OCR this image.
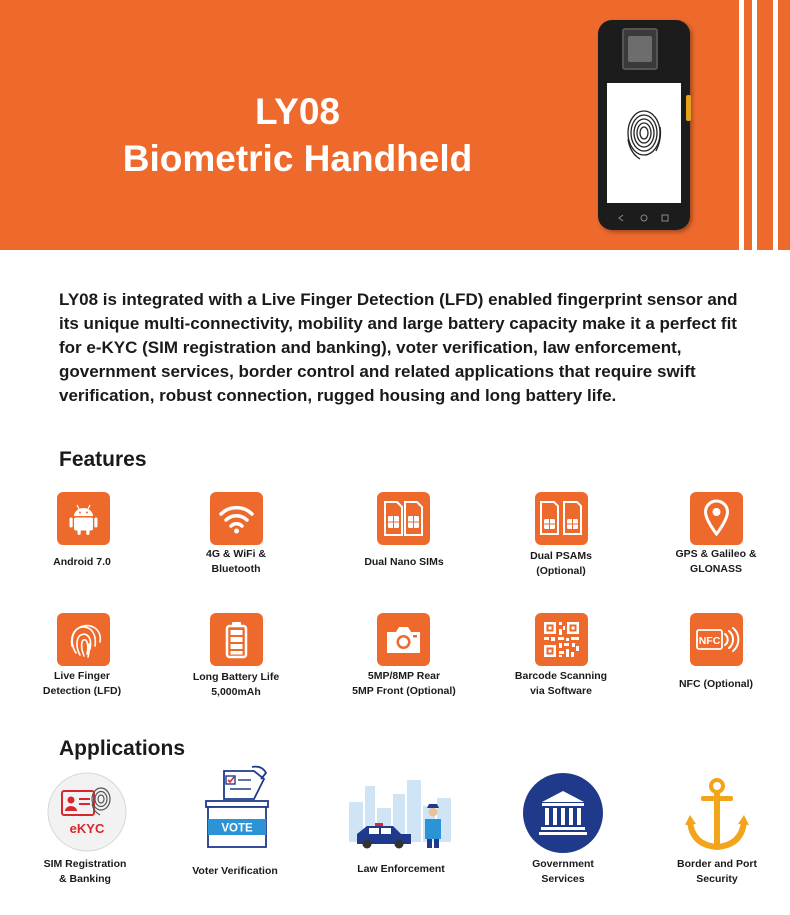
LY08
Biometric Handheld
LY08 is integrated with a Live Finger Detection (LFD) enabled fingerprint sensor and its unique multi-connectivity, mobility and large battery capacity make it a perfect fit for e-KYC (SIM registration and banking), voter verification, law enforcement, government services, border control and related applications that require swift verification, robust connection, rugged housing and long battery life.
Features
Android 7.0
4G & WiFi &
Bluetooth
Dual Nano SIMs	Dual PSAMs
(Optional)
GPS & Galileo &
GLONASS
NFC
Live Finger
Detection (LFD)
Long Battery Life
5,000mAh
5MP/8MP Rear
5MP Front (Optional)
Barcode Scanning
via Software
NFC (Optional)
Applications
eKYC	VOTE
SIM Registration
& Banking
Voter Verification	Law Enforcement	Government
Services
Border and Port
Security
